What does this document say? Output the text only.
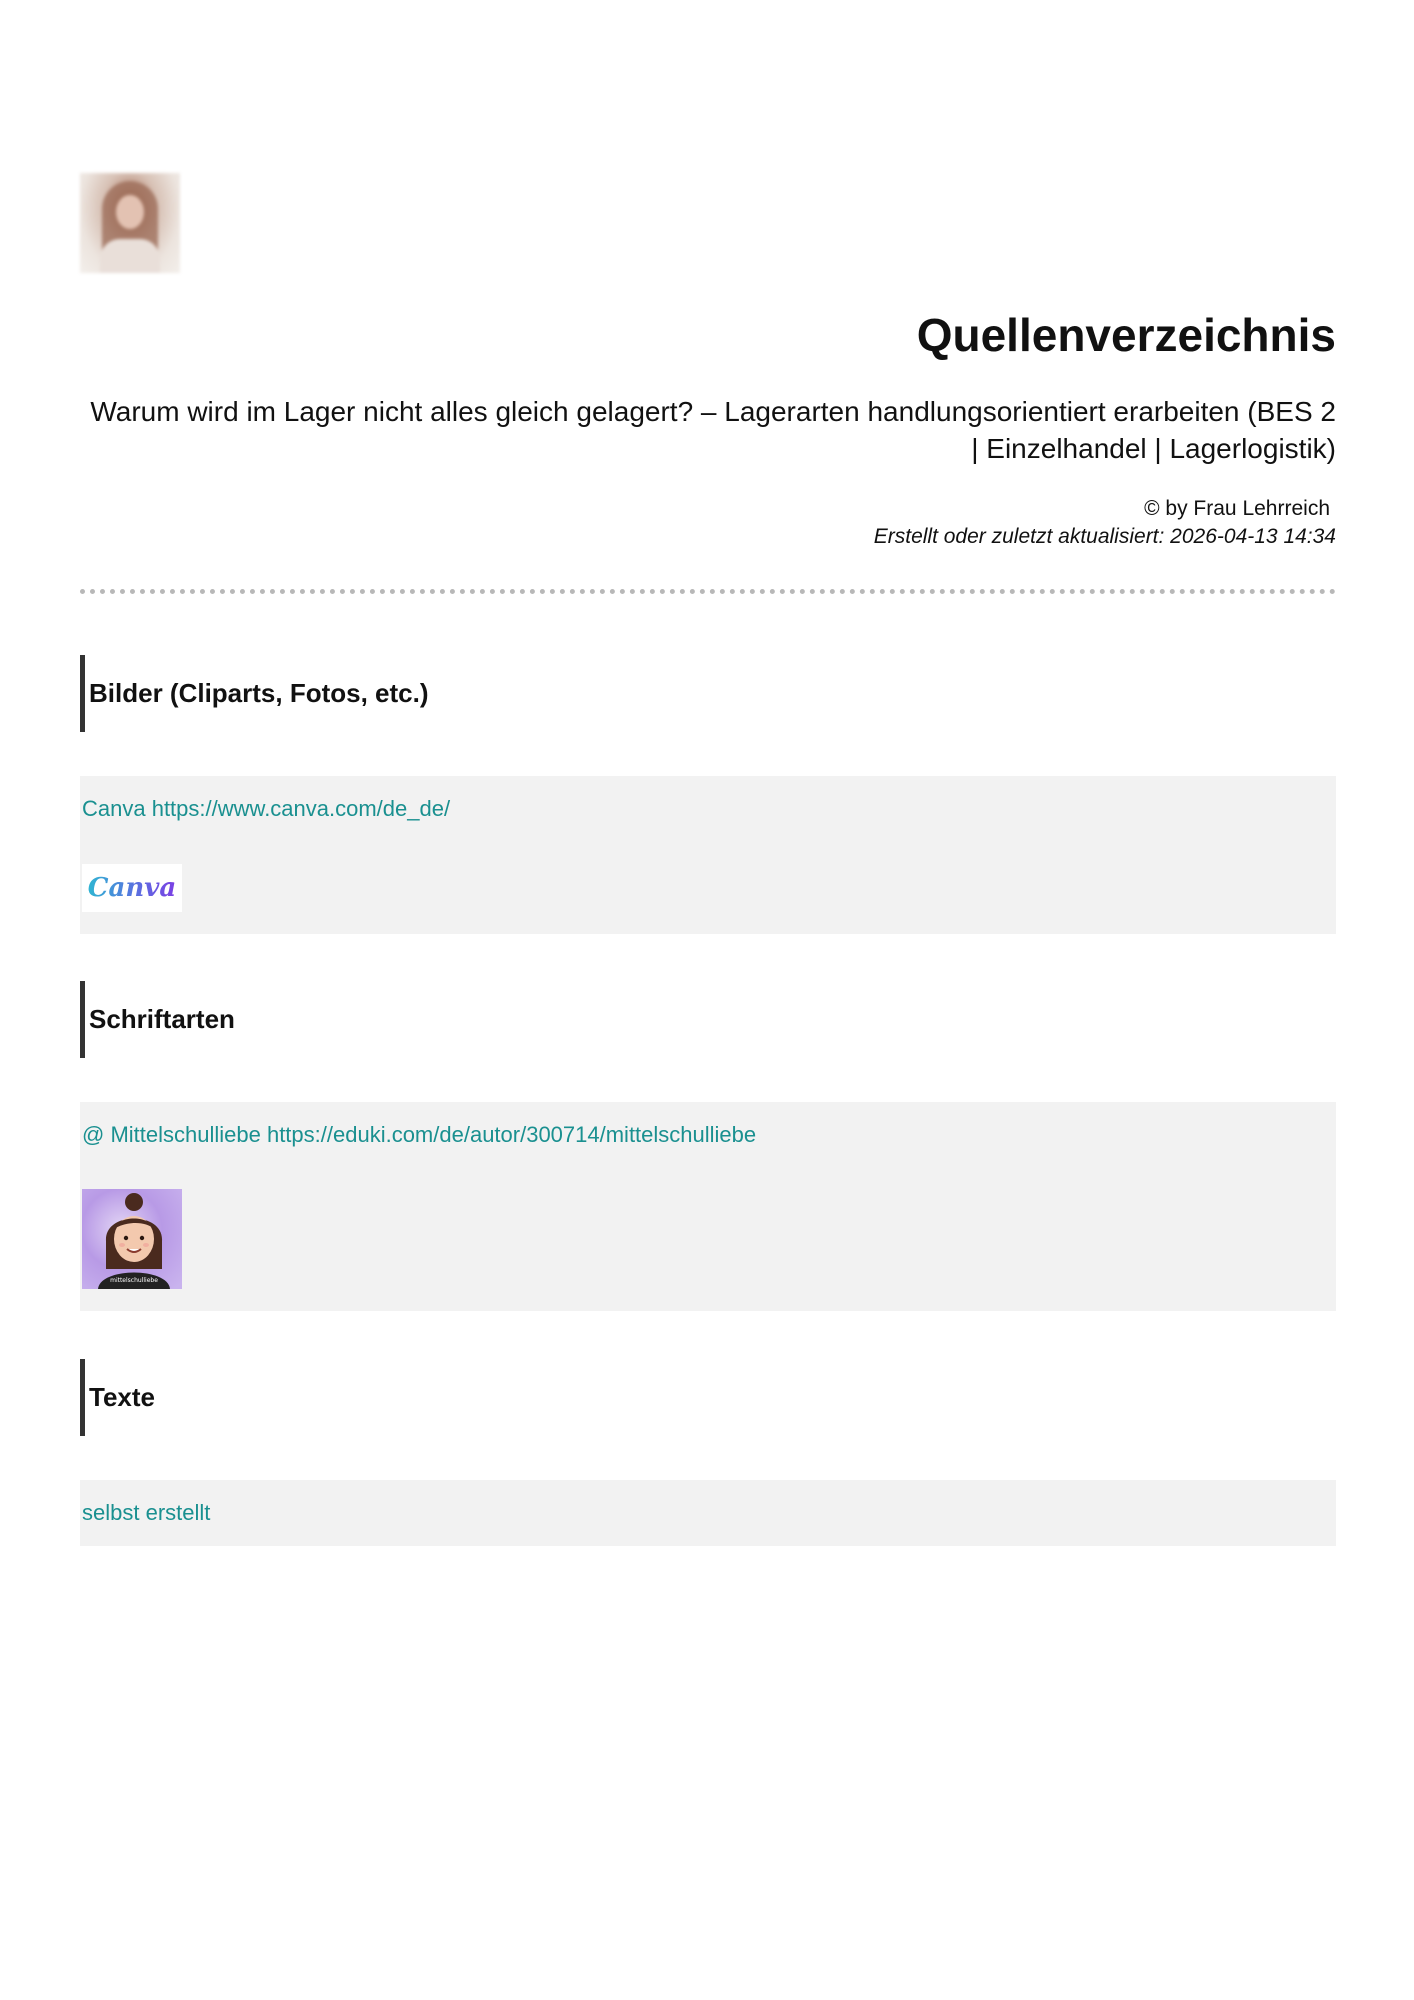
Quellenverzeichnis

Warum wird im Lager nicht alles gleich gelagert? – Lagerarten handlungsorientiert erarbeiten (BES 2 | Einzelhandel | Lagerlogistik)

© by Frau Lehrreich

Erstellt oder zuletzt aktualisiert: 2026-04-13 14:34

Bilder (Cliparts, Fotos, etc.)
Canva https://www.canva.com/de_de/
Canva
Schriftarten
@ Mittelschulliebe https://eduki.com/de/autor/300714/mittelschulliebe
mittelschulliebe
Texte
selbst erstellt
